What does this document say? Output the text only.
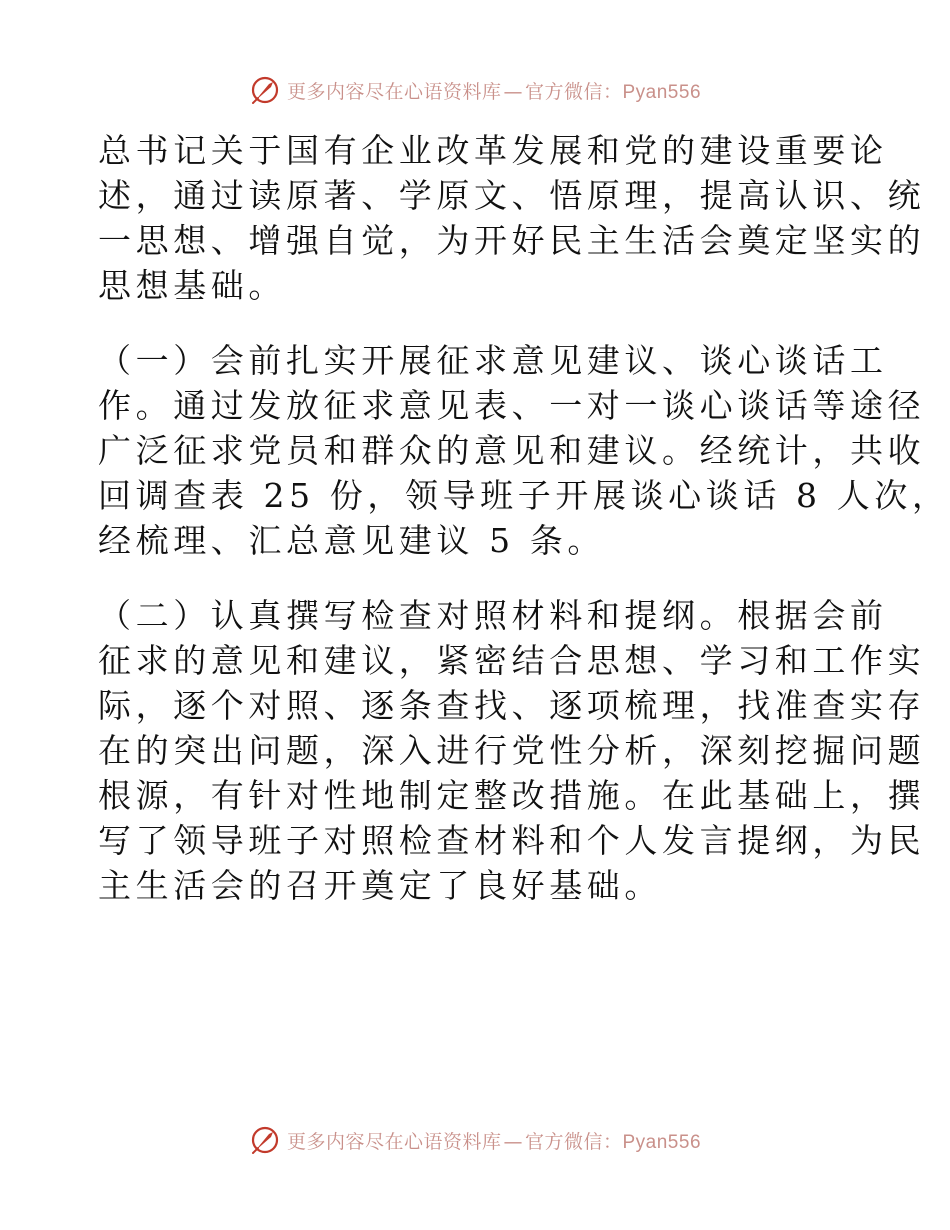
更多内容尽在心语资料库 — 官方微信：Pyan556

总书记关于国有企业改革发展和党的建设重要论

述，通过读原著、学原文、悟原理，提高认识、统

一思想、增强自觉，为开好民主生活会奠定坚实的

思想基础。

（一）会前扎实开展征求意见建议、谈心谈话工

作。通过发放征求意见表、一对一谈心谈话等途径

广泛征求党员和群众的意见和建议。经统计，共收

回调查表 25 份，领导班子开展谈心谈话 8 人次，

经梳理、汇总意见建议 5 条。

（二）认真撰写检查对照材料和提纲。根据会前

征求的意见和建议，紧密结合思想、学习和工作实

际，逐个对照、逐条查找、逐项梳理，找准查实存

在的突出问题，深入进行党性分析，深刻挖掘问题

根源，有针对性地制定整改措施。在此基础上，撰

写了领导班子对照检查材料和个人发言提纲，为民

主生活会的召开奠定了良好基础。

更多内容尽在心语资料库 — 官方微信：Pyan556
